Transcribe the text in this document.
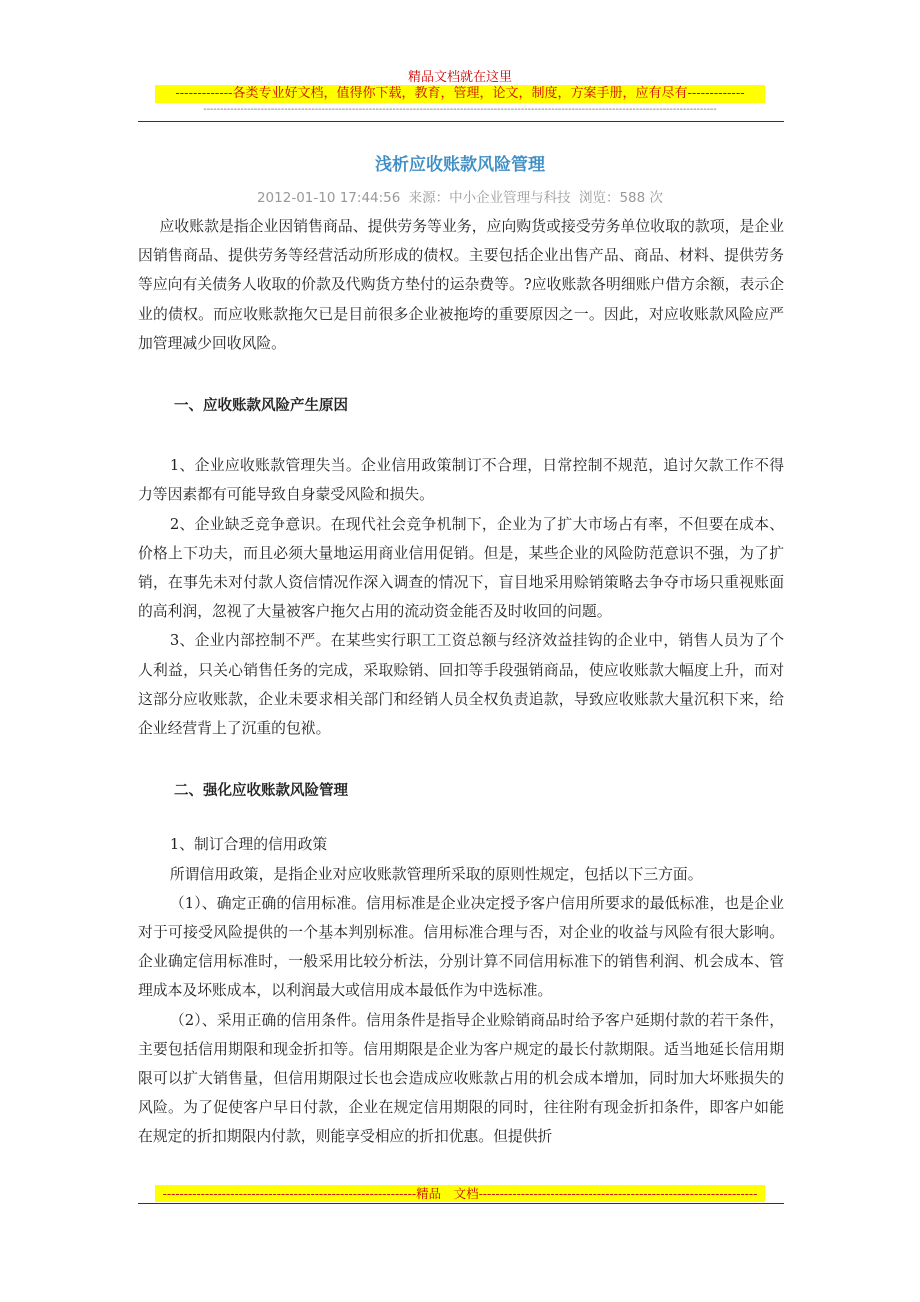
精品文档就在这里
-------------各类专业好文档，值得你下载，教育，管理，论文，制度，方案手册，应有尽有-------------
--------------------------------------------------------------------------------------------------------------------------------------------------------
浅析应收账款风险管理
2012-01-10 17:44:56 来源：中小企业管理与科技 浏览：588 次

应收账款是指企业因销售商品、提供劳务等业务，应向购货或接受劳务单位收取的款项，是企业因销售商品、提供劳务等经营活动所形成的债权。主要包括企业出售产品、商品、材料、提供劳务等应向有关债务人收取的价款及代购货方垫付的运杂费等。?应收账款各明细账户借方余额，表示企业的债权。而应收账款拖欠已是目前很多企业被拖垮的重要原因之一。因此，对应收账款风险应严加管理减少回收风险。

一、应收账款风险产生原因

1、企业应收账款管理失当。企业信用政策制订不合理，日常控制不规范，追讨欠款工作不得力等因素都有可能导致自身蒙受风险和损失。

2、企业缺乏竞争意识。在现代社会竞争机制下，企业为了扩大市场占有率，不但要在成本、价格上下功夫，而且必须大量地运用商业信用促销。但是，某些企业的风险防范意识不强，为了扩销，在事先未对付款人资信情况作深入调查的情况下，盲目地采用赊销策略去争夺市场只重视账面的高利润，忽视了大量被客户拖欠占用的流动资金能否及时收回的问题。

3、企业内部控制不严。在某些实行职工工资总额与经济效益挂钩的企业中，销售人员为了个人利益，只关心销售任务的完成，采取赊销、回扣等手段强销商品，使应收账款大幅度上升，而对这部分应收账款，企业未要求相关部门和经销人员全权负责追款，导致应收账款大量沉积下来，给企业经营背上了沉重的包袱。

二、强化应收账款风险管理

1、制订合理的信用政策

所谓信用政策，是指企业对应收账款管理所采取的原则性规定，包括以下三方面。

（1）、确定正确的信用标准。信用标准是企业决定授予客户信用所要求的最低标准，也是企业对于可接受风险提供的一个基本判别标准。信用标准合理与否，对企业的收益与风险有很大影响。企业确定信用标准时，一般采用比较分析法，分别计算不同信用标准下的销售利润、机会成本、管理成本及坏账成本，以利润最大或信用成本最低作为中选标准。

（2）、采用正确的信用条件。信用条件是指导企业赊销商品时给予客户延期付款的若干条件，主要包括信用期限和现金折扣等。信用期限是企业为客户规定的最长付款期限。适当地延长信用期限可以扩大销售量，但信用期限过长也会造成应收账款占用的机会成本增加，同时加大坏账损失的风险。为了促使客户早日付款，企业在规定信用期限的同时，往往附有现金折扣条件，即客户如能在规定的折扣期限内付款，则能享受相应的折扣优惠。但提供折

------------------------------------------------------------精品　文档------------------------------------------------------------------
